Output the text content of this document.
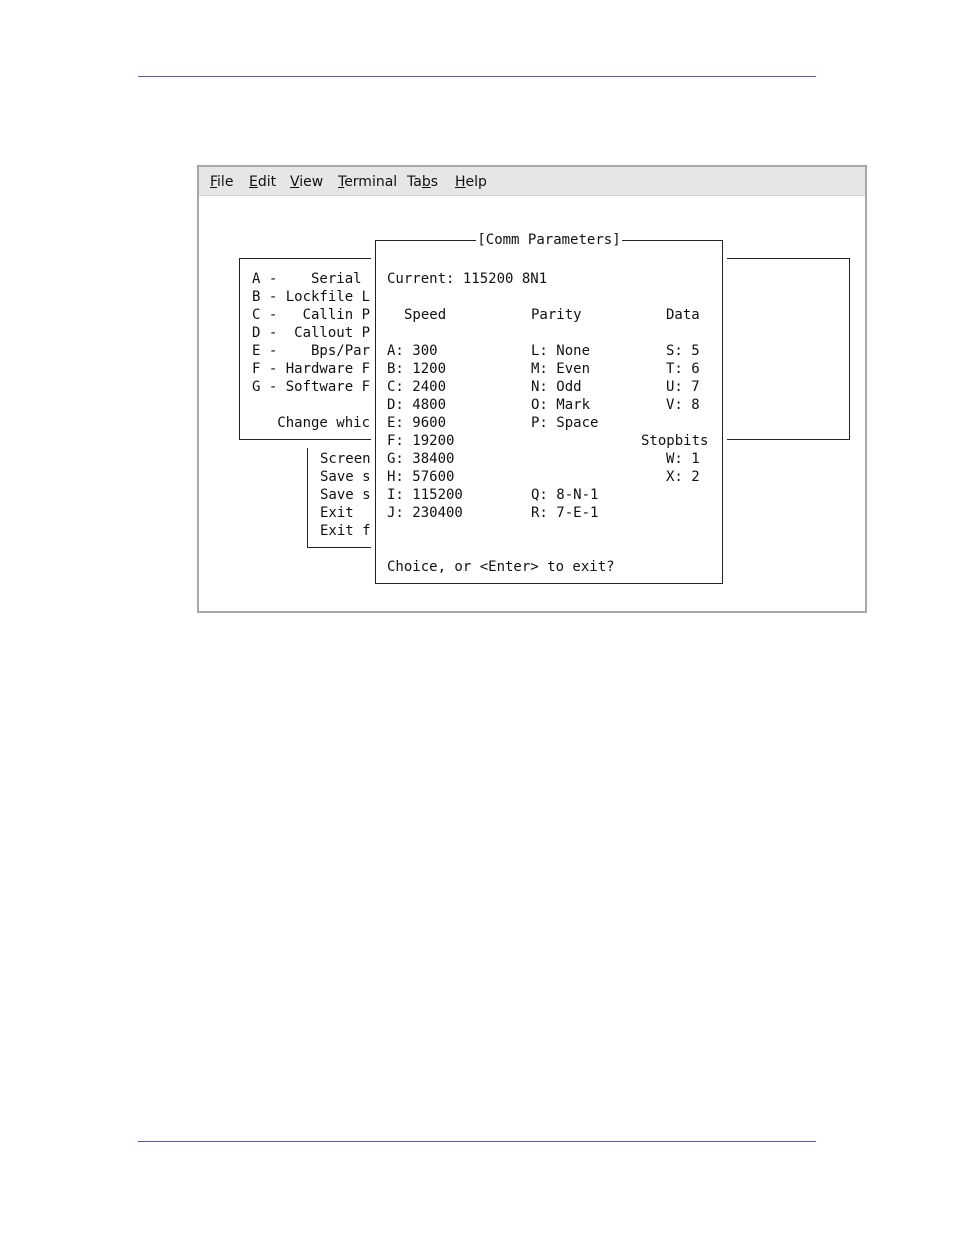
File Edit View Terminal Tabs Help
A -    Serial
B - Lockfile L
C -   Callin P
D -  Callout P
E -    Bps/Par
F - Hardware F
G - Software F
Change whic
Screen
Save s
Save s
Exit
Exit f
[Comm Parameters]
Current: 115200 8N1
Speed	Parity	Data
A: 300
B: 1200
C: 2400
D: 4800
E: 9600
F: 19200
G: 38400
H: 57600
I: 115200
J: 230400
L: None
M: Even
N: Odd
O: Mark
P: Space
S: 5
T: 6
U: 7
V: 8
Stopbits
W: 1
X: 2
Q: 8-N-1
R: 7-E-1
Choice, or <Enter> to exit?
